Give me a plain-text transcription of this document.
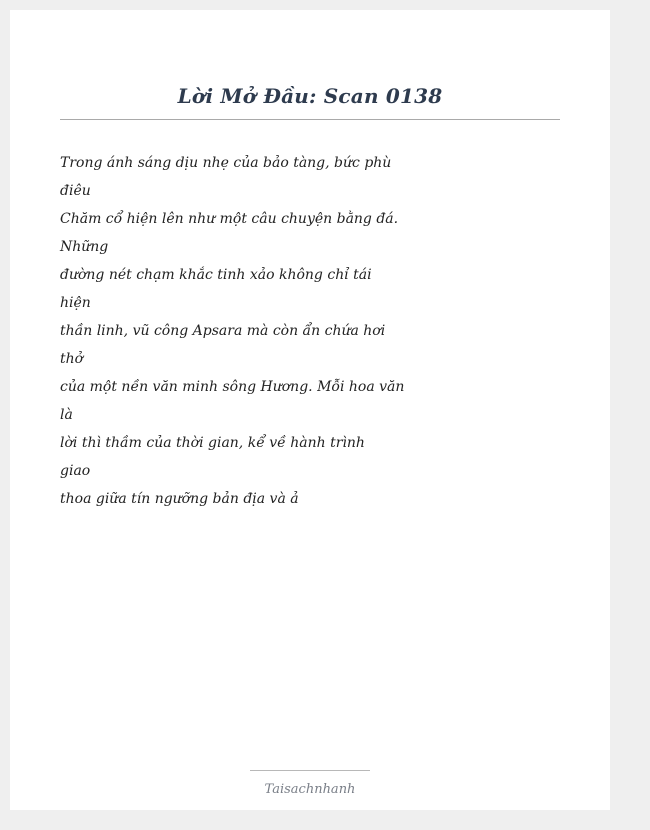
Lời Mở Đầu: Scan 0138
Trong ánh sáng dịu nhẹ của bảo tàng, bức phù
điêu
Chăm cổ hiện lên như một câu chuyện bằng đá.
Những
đường nét chạm khắc tinh xảo không chỉ tái
hiện
thần linh, vũ công Apsara mà còn ẩn chứa hơi
thở
của một nền văn minh sông Hương. Mỗi hoa văn
là
lời thì thầm của thời gian, kể về hành trình
giao
thoa giữa tín ngưỡng bản địa và ả
Taisachnhanh
